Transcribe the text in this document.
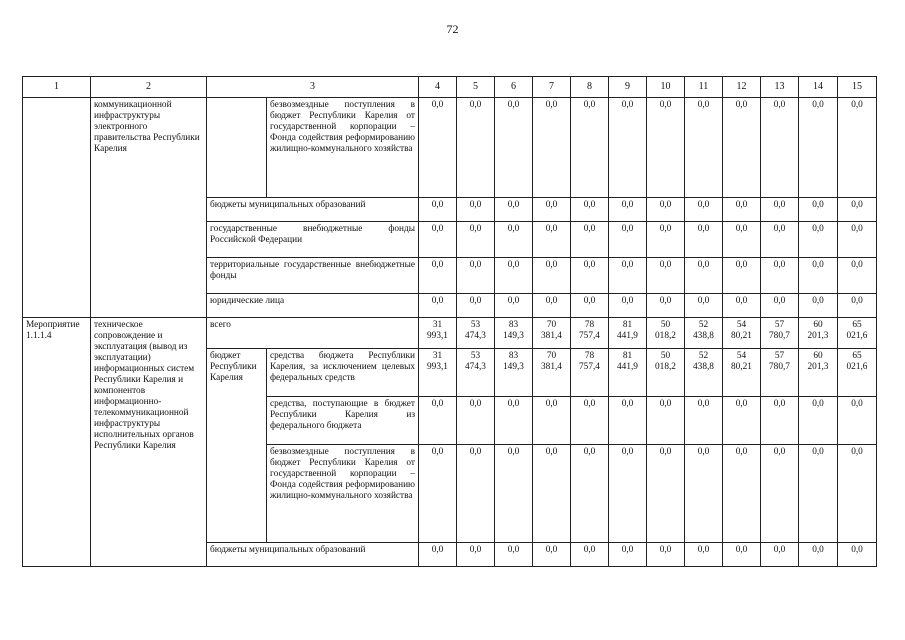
72
1	2	3		4	5	6	7	8	9	10	11	12	13	14	15
	коммуникационной инфраструктуры электронного правительства Республики Карелия		безвозмездные поступления в бюджет Республики Карелия от государственной корпорации – Фонда содействия реформированию жилищно-коммунального хозяйства	0,0	0,0	0,0	0,0	0,0	0,0	0,0	0,0	0,0	0,0	0,0	0,0
		бюджеты муниципальных образований		0,0	0,0	0,0	0,0	0,0	0,0	0,0	0,0	0,0	0,0	0,0	0,0
		государственные внебюджетные фонды Российской Федерации		0,0	0,0	0,0	0,0	0,0	0,0	0,0	0,0	0,0	0,0	0,0	0,0
		территориальные государственные внебюджетные фонды		0,0	0,0	0,0	0,0	0,0	0,0	0,0	0,0	0,0	0,0	0,0	0,0
		юридические лица		0,0	0,0	0,0	0,0	0,0	0,0	0,0	0,0	0,0	0,0	0,0	0,0
Мероприятие 1.1.1.4	техническое сопровождение и эксплуатация (вывод из эксплуатации) информационных систем Республики Карелия и компонентов информационно-телекоммуникационной инфраструктуры исполнительных органов Республики Карелия	всего		31 993,1	53 474,3	83 149,3	70 381,4	78 757,4	81 441,9	50 018,2	52 438,8	54 80,21	57 780,7	60 201,3	65 021,6
		бюджет Республики Карелия	средства бюджета Республики Карелия, за исключением целевых федеральных средств	31 993,1	53 474,3	83 149,3	70 381,4	78 757,4	81 441,9	50 018,2	52 438,8	54 80,21	57 780,7	60 201,3	65 021,6
			средства, поступающие в бюджет Республики Карелия из федерального бюджета	0,0	0,0	0,0	0,0	0,0	0,0	0,0	0,0	0,0	0,0	0,0	0,0
			безвозмездные поступления в бюджет Республики Карелия от государственной корпорации – Фонда содействия реформированию жилищно-коммунального хозяйства	0,0	0,0	0,0	0,0	0,0	0,0	0,0	0,0	0,0	0,0	0,0	0,0
		бюджеты муниципальных образований		0,0	0,0	0,0	0,0	0,0	0,0	0,0	0,0	0,0	0,0	0,0	0,0
